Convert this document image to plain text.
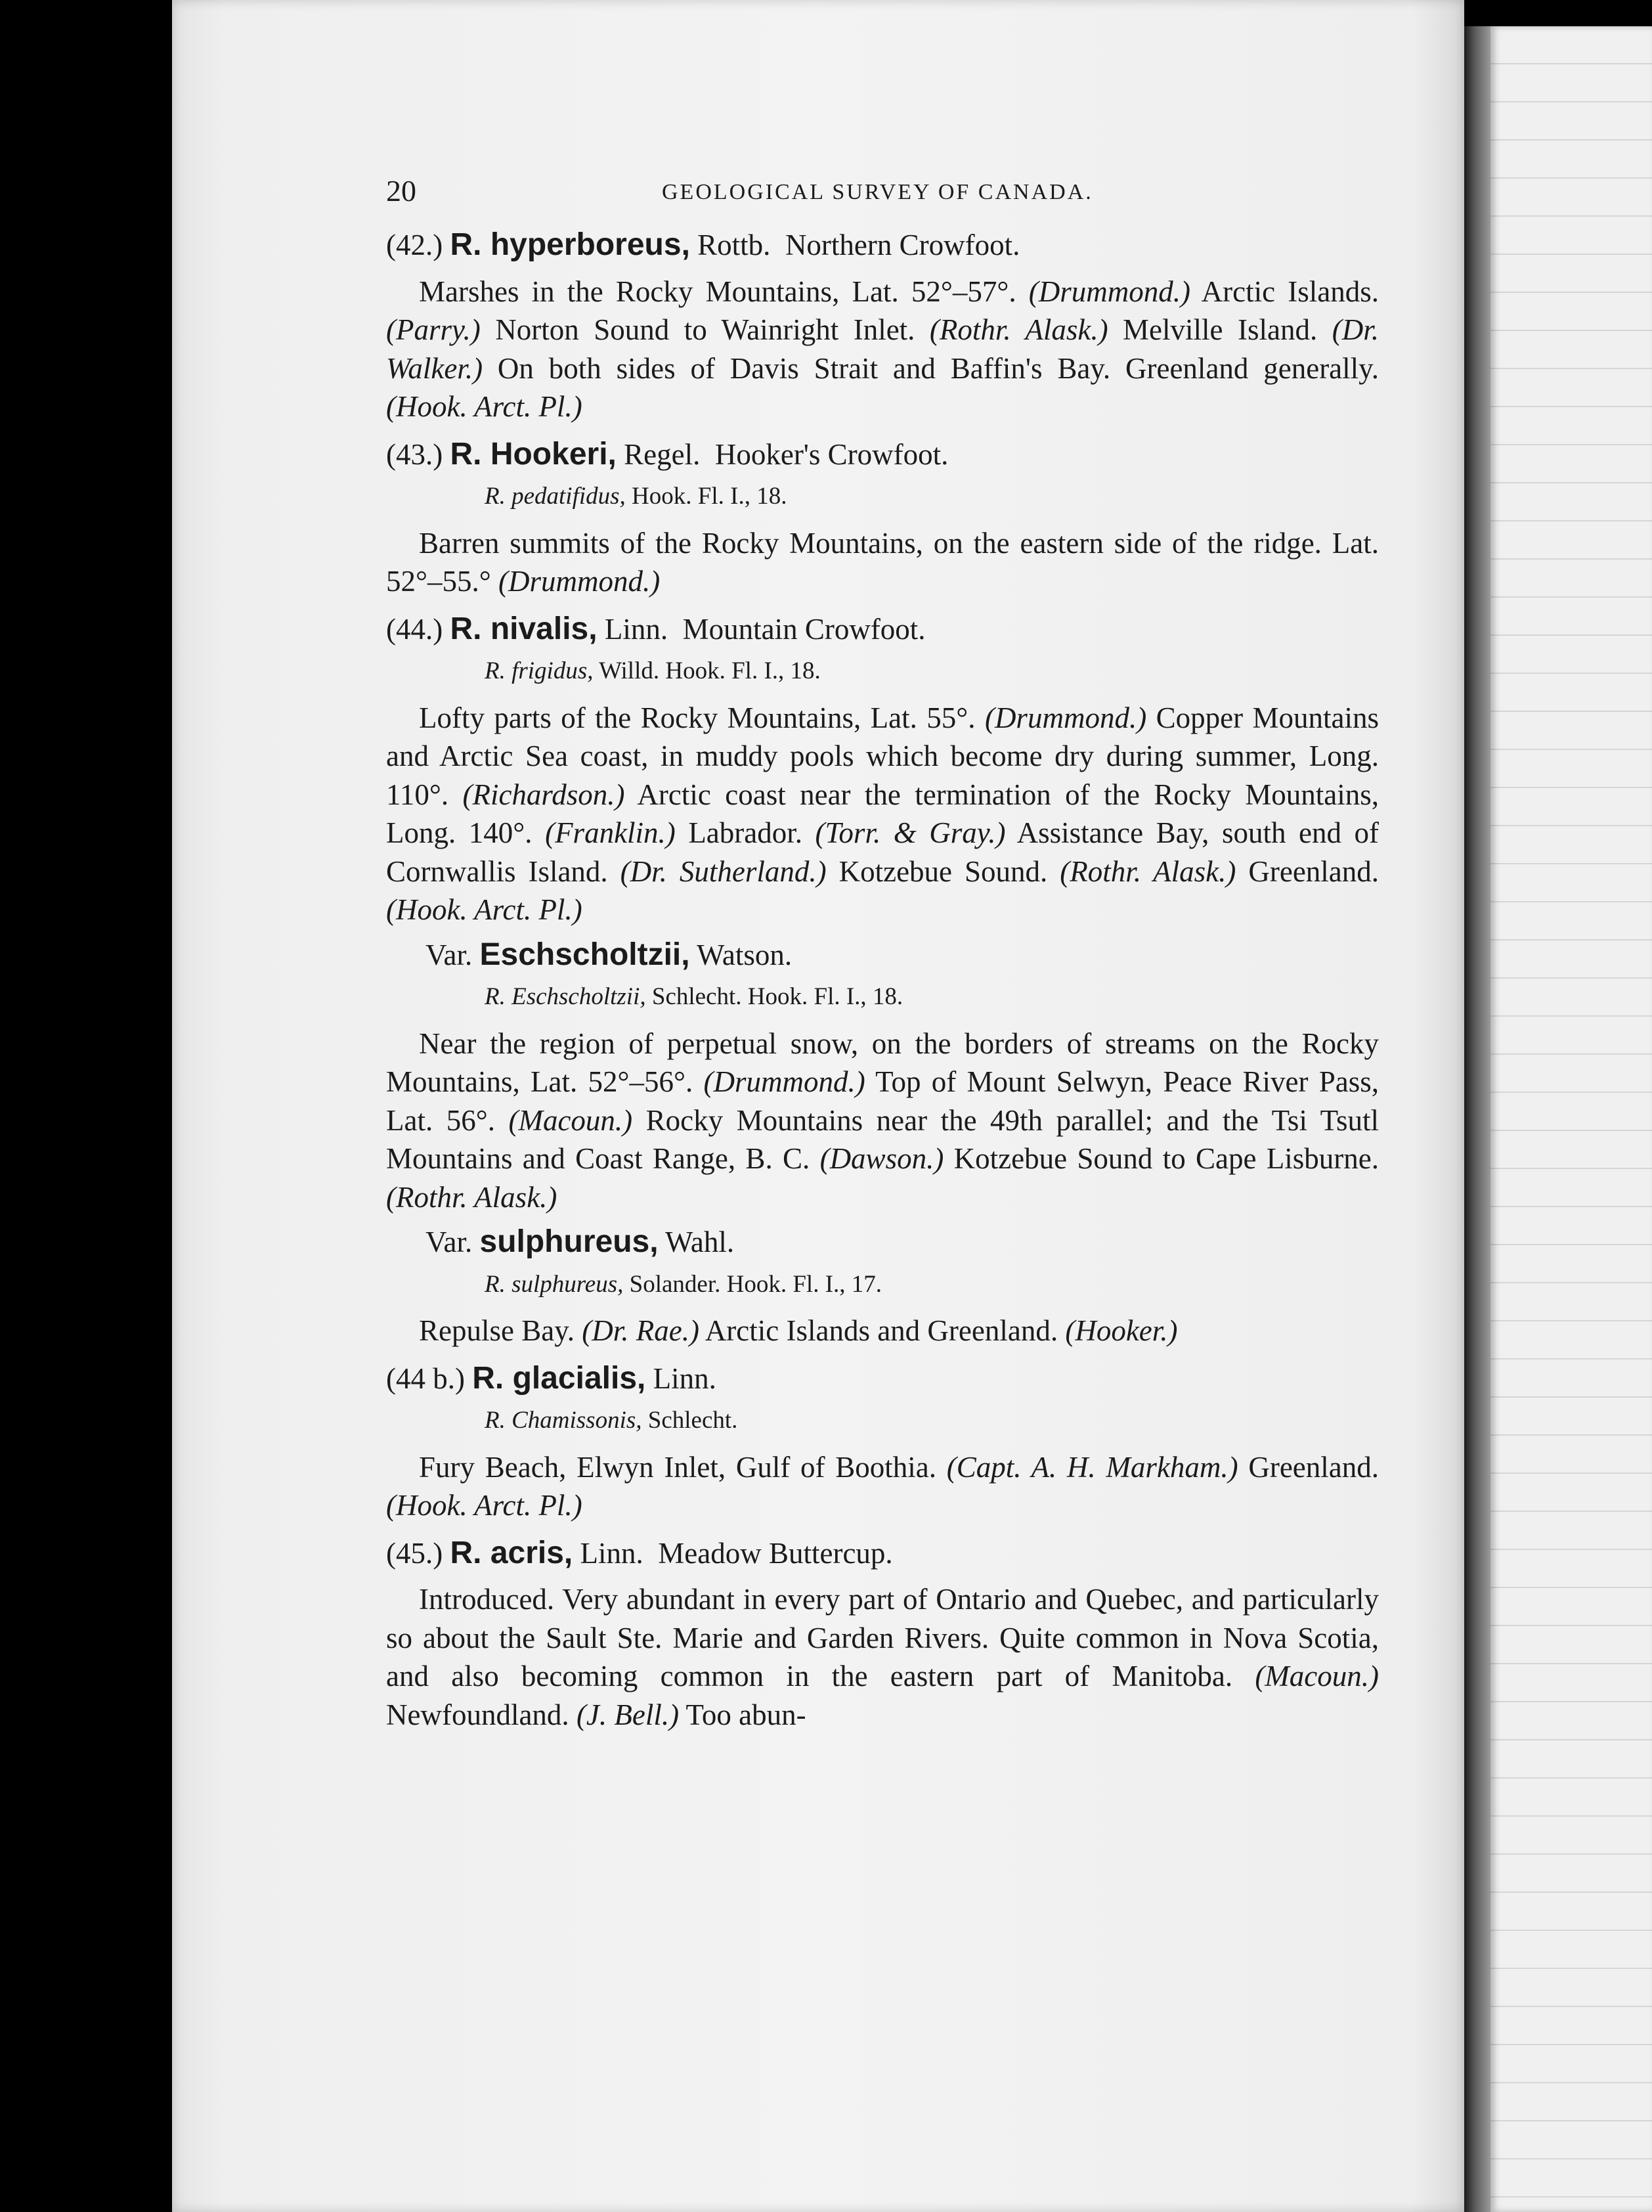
20	GEOLOGICAL SURVEY OF CANADA.
(42.) R. hyperboreus, Rottb. Northern Crowfoot.

Marshes in the Rocky Mountains, Lat. 52°–57°. (Drummond.) Arctic Islands. (Parry.) Norton Sound to Wainright Inlet. (Rothr. Alask.) Melville Island. (Dr. Walker.) On both sides of Davis Strait and Baffin's Bay. Greenland generally. (Hook. Arct. Pl.)

(43.) R. Hookeri, Regel. Hooker's Crowfoot.
R. pedatifidus, Hook. Fl. I., 18.

Barren summits of the Rocky Mountains, on the eastern side of the ridge. Lat. 52°–55.° (Drummond.)

(44.) R. nivalis, Linn. Mountain Crowfoot.
R. frigidus, Willd. Hook. Fl. I., 18.

Lofty parts of the Rocky Mountains, Lat. 55°. (Drummond.) Copper Mountains and Arctic Sea coast, in muddy pools which become dry during summer, Long. 110°. (Richardson.) Arctic coast near the termination of the Rocky Mountains, Long. 140°. (Franklin.) Labrador. (Torr. & Gray.) Assistance Bay, south end of Cornwallis Island. (Dr. Sutherland.) Kotzebue Sound. (Rothr. Alask.) Greenland. (Hook. Arct. Pl.)

Var. Eschscholtzii, Watson.
R. Eschscholtzii, Schlecht. Hook. Fl. I., 18.

Near the region of perpetual snow, on the borders of streams on the Rocky Mountains, Lat. 52°–56°. (Drummond.) Top of Mount Selwyn, Peace River Pass, Lat. 56°. (Macoun.) Rocky Mountains near the 49th parallel; and the Tsi Tsutl Mountains and Coast Range, B. C. (Dawson.) Kotzebue Sound to Cape Lisburne. (Rothr. Alask.)

Var. sulphureus, Wahl.
R. sulphureus, Solander. Hook. Fl. I., 17.

Repulse Bay. (Dr. Rae.) Arctic Islands and Greenland. (Hooker.)

(44 b.) R. glacialis, Linn.
R. Chamissonis, Schlecht.

Fury Beach, Elwyn Inlet, Gulf of Boothia. (Capt. A. H. Markham.) Greenland. (Hook. Arct. Pl.)

(45.) R. acris, Linn. Meadow Buttercup.

Introduced. Very abundant in every part of Ontario and Quebec, and particularly so about the Sault Ste. Marie and Garden Rivers. Quite common in Nova Scotia, and also becoming common in the eastern part of Manitoba. (Macoun.) Newfoundland. (J. Bell.) Too abun-
